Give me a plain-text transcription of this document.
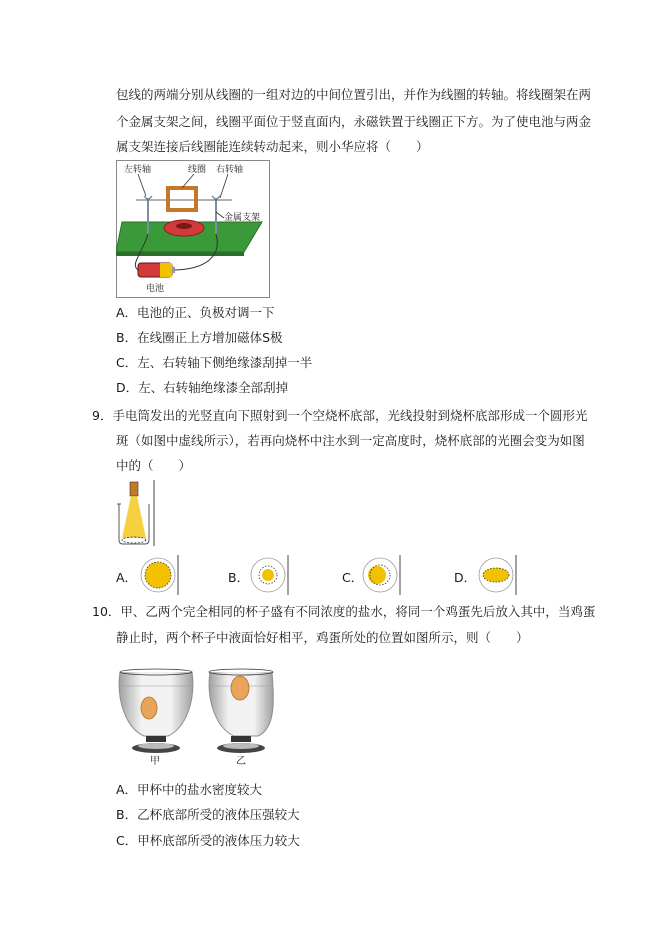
包线的两端分别从线圈的一组对边的中间位置引出，并作为线圈的转轴。将线圈架在两
个金属支架之间，线圈平面位于竖直面内，永磁铁置于线圈正下方。为了使电池与两金
属支架连接后线圈能连续转动起来，则小华应将（　　）
左转轴	线圈 右转轴
金属支架
电池
A．电池的正、负极对调一下
B．在线圈正上方增加磁体S极
C．左、右转轴下侧绝缘漆刮掉一半
D．左、右转轴绝缘漆全部刮掉
9．手电筒发出的光竖直向下照射到一个空烧杯底部，光线投射到烧杯底部形成一个圆形光
斑（如图中虚线所示），若再向烧杯中注水到一定高度时，烧杯底部的光圈会变为如图
中的（　　）
A．	B．	C．	D．
10．甲、乙两个完全相同的杯子盛有不同浓度的盐水，将同一个鸡蛋先后放入其中，当鸡蛋
静止时，两个杯子中液面恰好相平，鸡蛋所处的位置如图所示，则（　　）
甲	乙
A．甲杯中的盐水密度较大
B．乙杯底部所受的液体压强较大
C．甲杯底部所受的液体压力较大
